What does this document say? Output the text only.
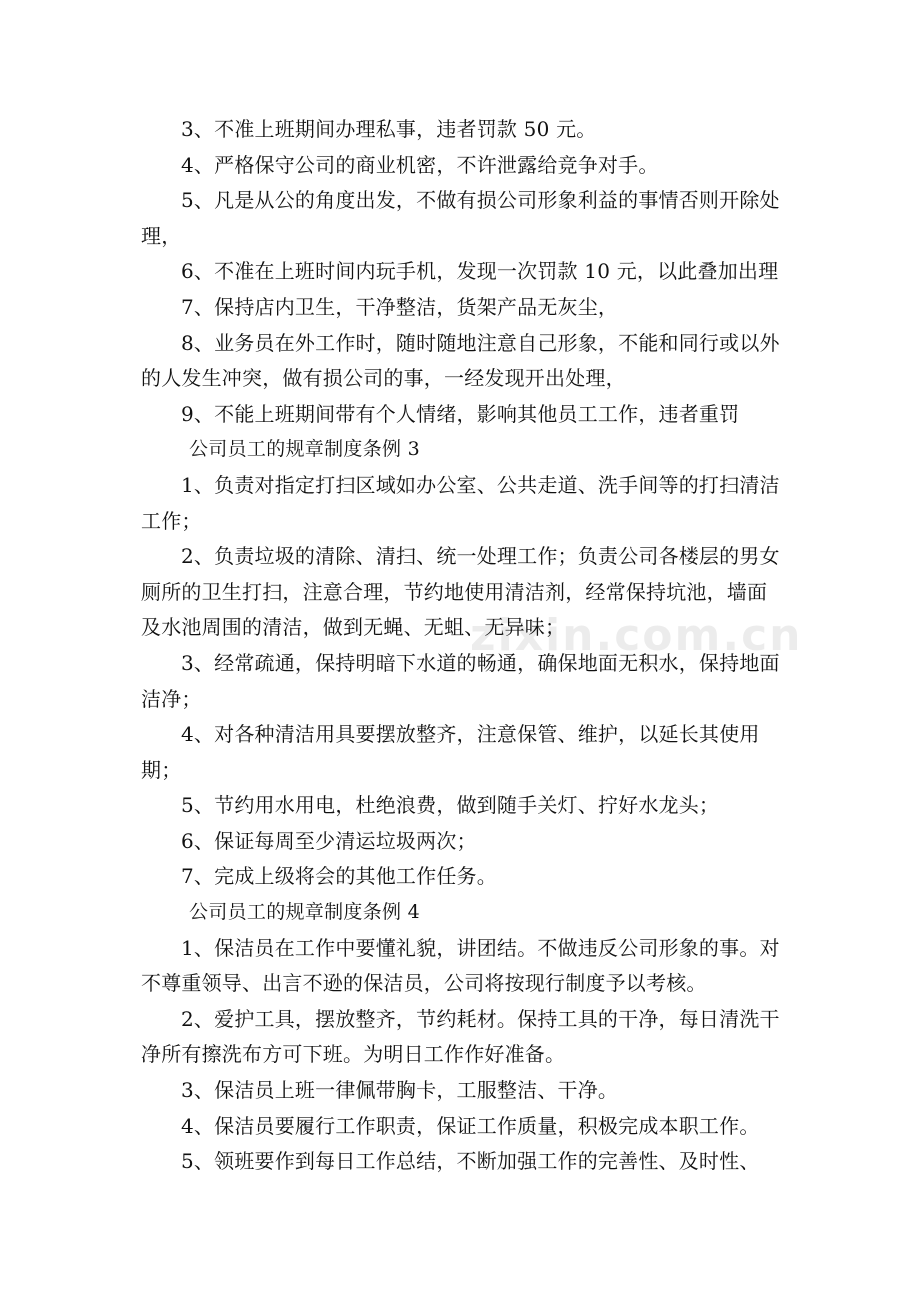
3、不准上班期间办理私事，违者罚款 50 元。

4、严格保守公司的商业机密，不许泄露给竞争对手。

5、凡是从公的角度出发，不做有损公司形象利益的事情否则开除处理，

6、不准在上班时间内玩手机，发现一次罚款 10 元，以此叠加出理

7、保持店内卫生，干净整洁，货架产品无灰尘，

8、业务员在外工作时，随时随地注意自己形象，不能和同行或以外的人发生冲突，做有损公司的事，一经发现开出处理，

9、不能上班期间带有个人情绪，影响其他员工工作，违者重罚

公司员工的规章制度条例 3

1、负责对指定打扫区域如办公室、公共走道、洗手间等的打扫清洁工作；

2、负责垃圾的清除、清扫、统一处理工作；负责公司各楼层的男女厕所的卫生打扫，注意合理，节约地使用清洁剂，经常保持坑池，墙面及水池周围的清洁，做到无蝇、无蛆、无异味；

3、经常疏通，保持明暗下水道的畅通，确保地面无积水，保持地面洁净；

4、对各种清洁用具要摆放整齐，注意保管、维护，以延长其使用期；

5、节约用水用电，杜绝浪费，做到随手关灯、拧好水龙头；

6、保证每周至少清运垃圾两次；

7、完成上级将会的其他工作任务。

公司员工的规章制度条例 4

1、保洁员在工作中要懂礼貌，讲团结。不做违反公司形象的事。对不尊重领导、出言不逊的保洁员，公司将按现行制度予以考核。

2、爱护工具，摆放整齐，节约耗材。保持工具的干净，每日清洗干净所有擦洗布方可下班。为明日工作作好准备。

3、保洁员上班一律佩带胸卡，工服整洁、干净。

4、保洁员要履行工作职责，保证工作质量，积极完成本职工作。

5、领班要作到每日工作总结，不断加强工作的完善性、及时性、

zixin.com.cn
